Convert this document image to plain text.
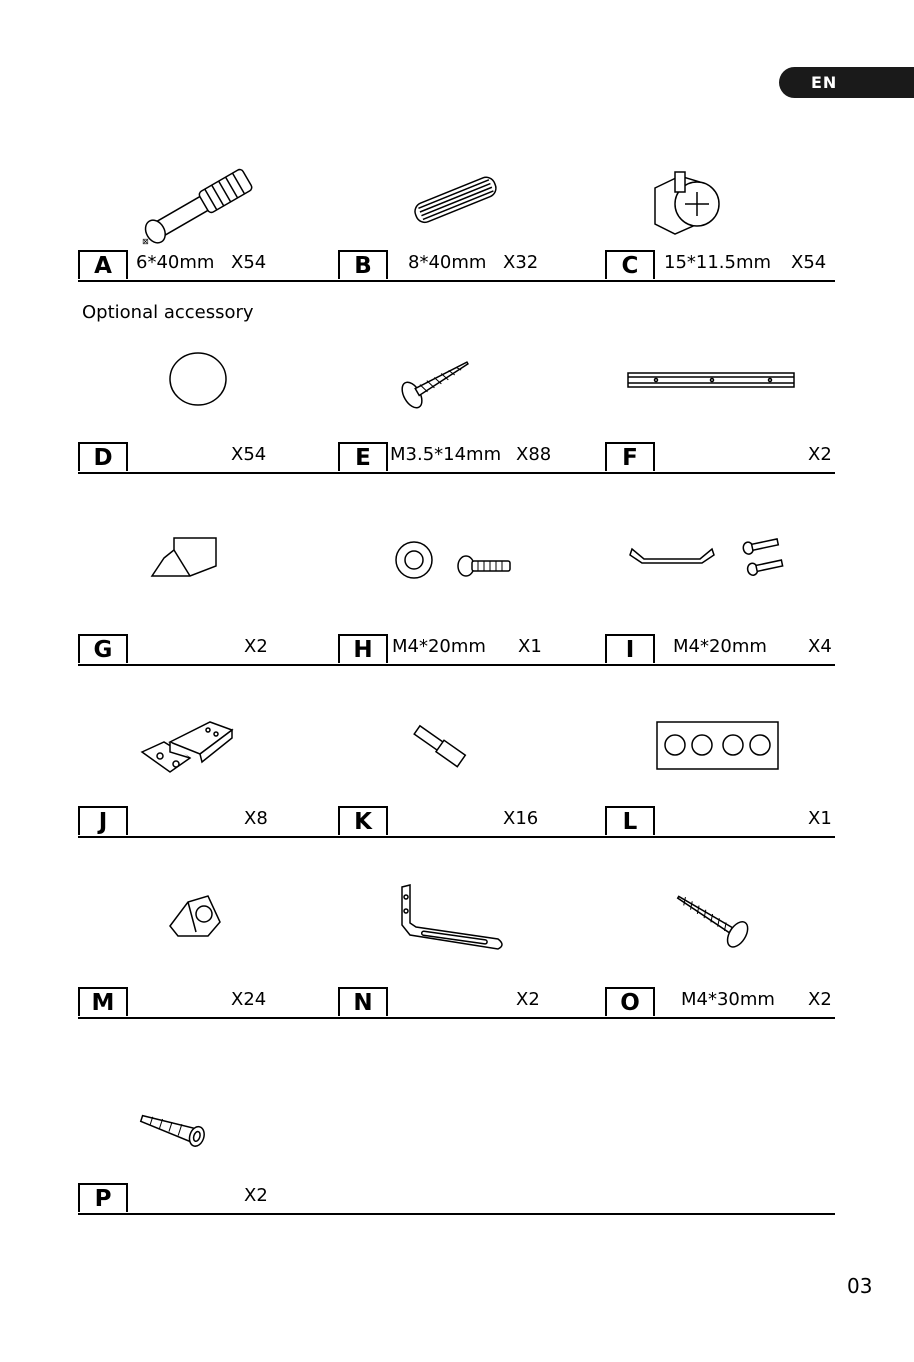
EN
⊠
A	6*40mm X54	B	8*40mm X32	C	15*11.5mm X54
Optional accessory
D	X54	E	M3.5*14mm X88	F	X2
G	X2	H	M4*20mm X1	I	M4*20mm X4
J	X8	K	X16	L	X1
M	X24	N	X2	O	M4*30mm X2
P	X2
03
